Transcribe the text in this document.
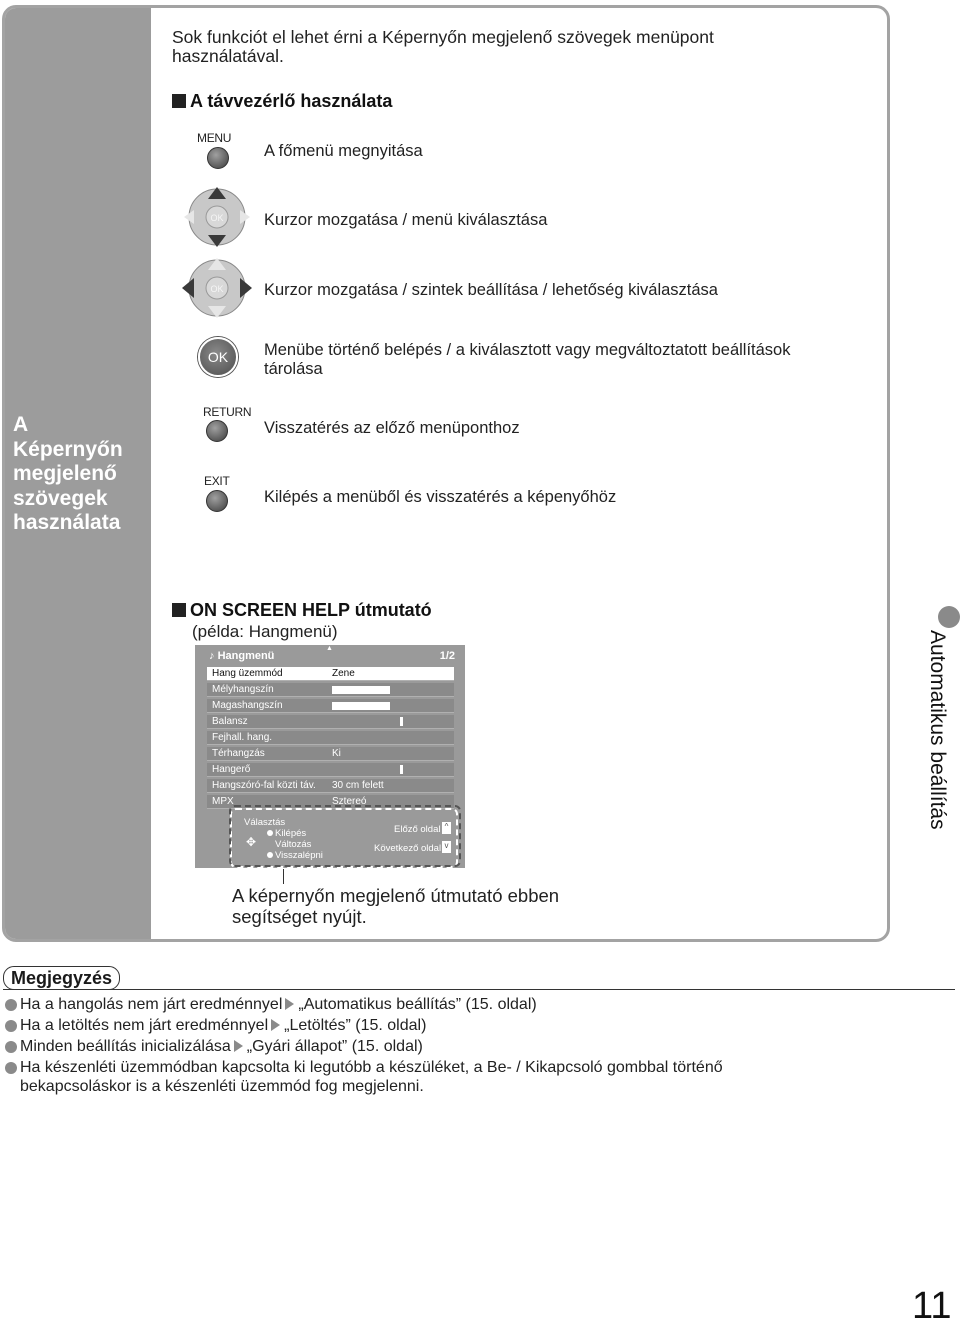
A
Képernyőn
megjelenő
szövegek
használata
Sok funkciót el lehet érni a Képernyőn megjelenő szövegek menüpont
használatával.
A távvezérlő használata
MENU
A főmenü megnyitása
OK Kurzor mozgatása / menü kiválasztása
OK Kurzor mozgatása / szintek beállítása / lehetőség kiválasztása
OK	Menübe történő belépés / a kiválasztott vagy megváltoztatott beállítások
tárolása
RETURN
Visszatérés az előző menüponthoz
EXIT
Kilépés a menüből és visszatérés a képenyőhöz
ON SCREEN HELP útmutató
(példa: Hangmenü)
▲
♪ Hangmenü	1/2
Hang üzemmód	Zene
Mélyhangszín
Magashangszín
Balansz
Fejhall. hang.
Térhangzás	Ki
Hangerő
Hangszóró-fal közti táv. 30 cm felett
MPX	Sztereó
Választás
Kilépés
✥ Változás
Visszalépni
Előző oldal
Következő oldal
^
v
A képernyőn megjelenő útmutató ebben
segítséget nyújt.
Automatikus beállítás
Megjegyzés
Ha a hangolás nem járt eredménnyel „Automatikus beállítás” (15. oldal)
Ha a letöltés nem járt eredménnyel „Letöltés” (15. oldal)
Minden beállítás inicializálása „Gyári állapot” (15. oldal)
Ha készenléti üzemmódban kapcsolta ki legutóbb a készüléket, a Be- / Kikapcsoló gombbal történő
bekapcsoláskor is a készenléti üzemmód fog megjelenni.
11
